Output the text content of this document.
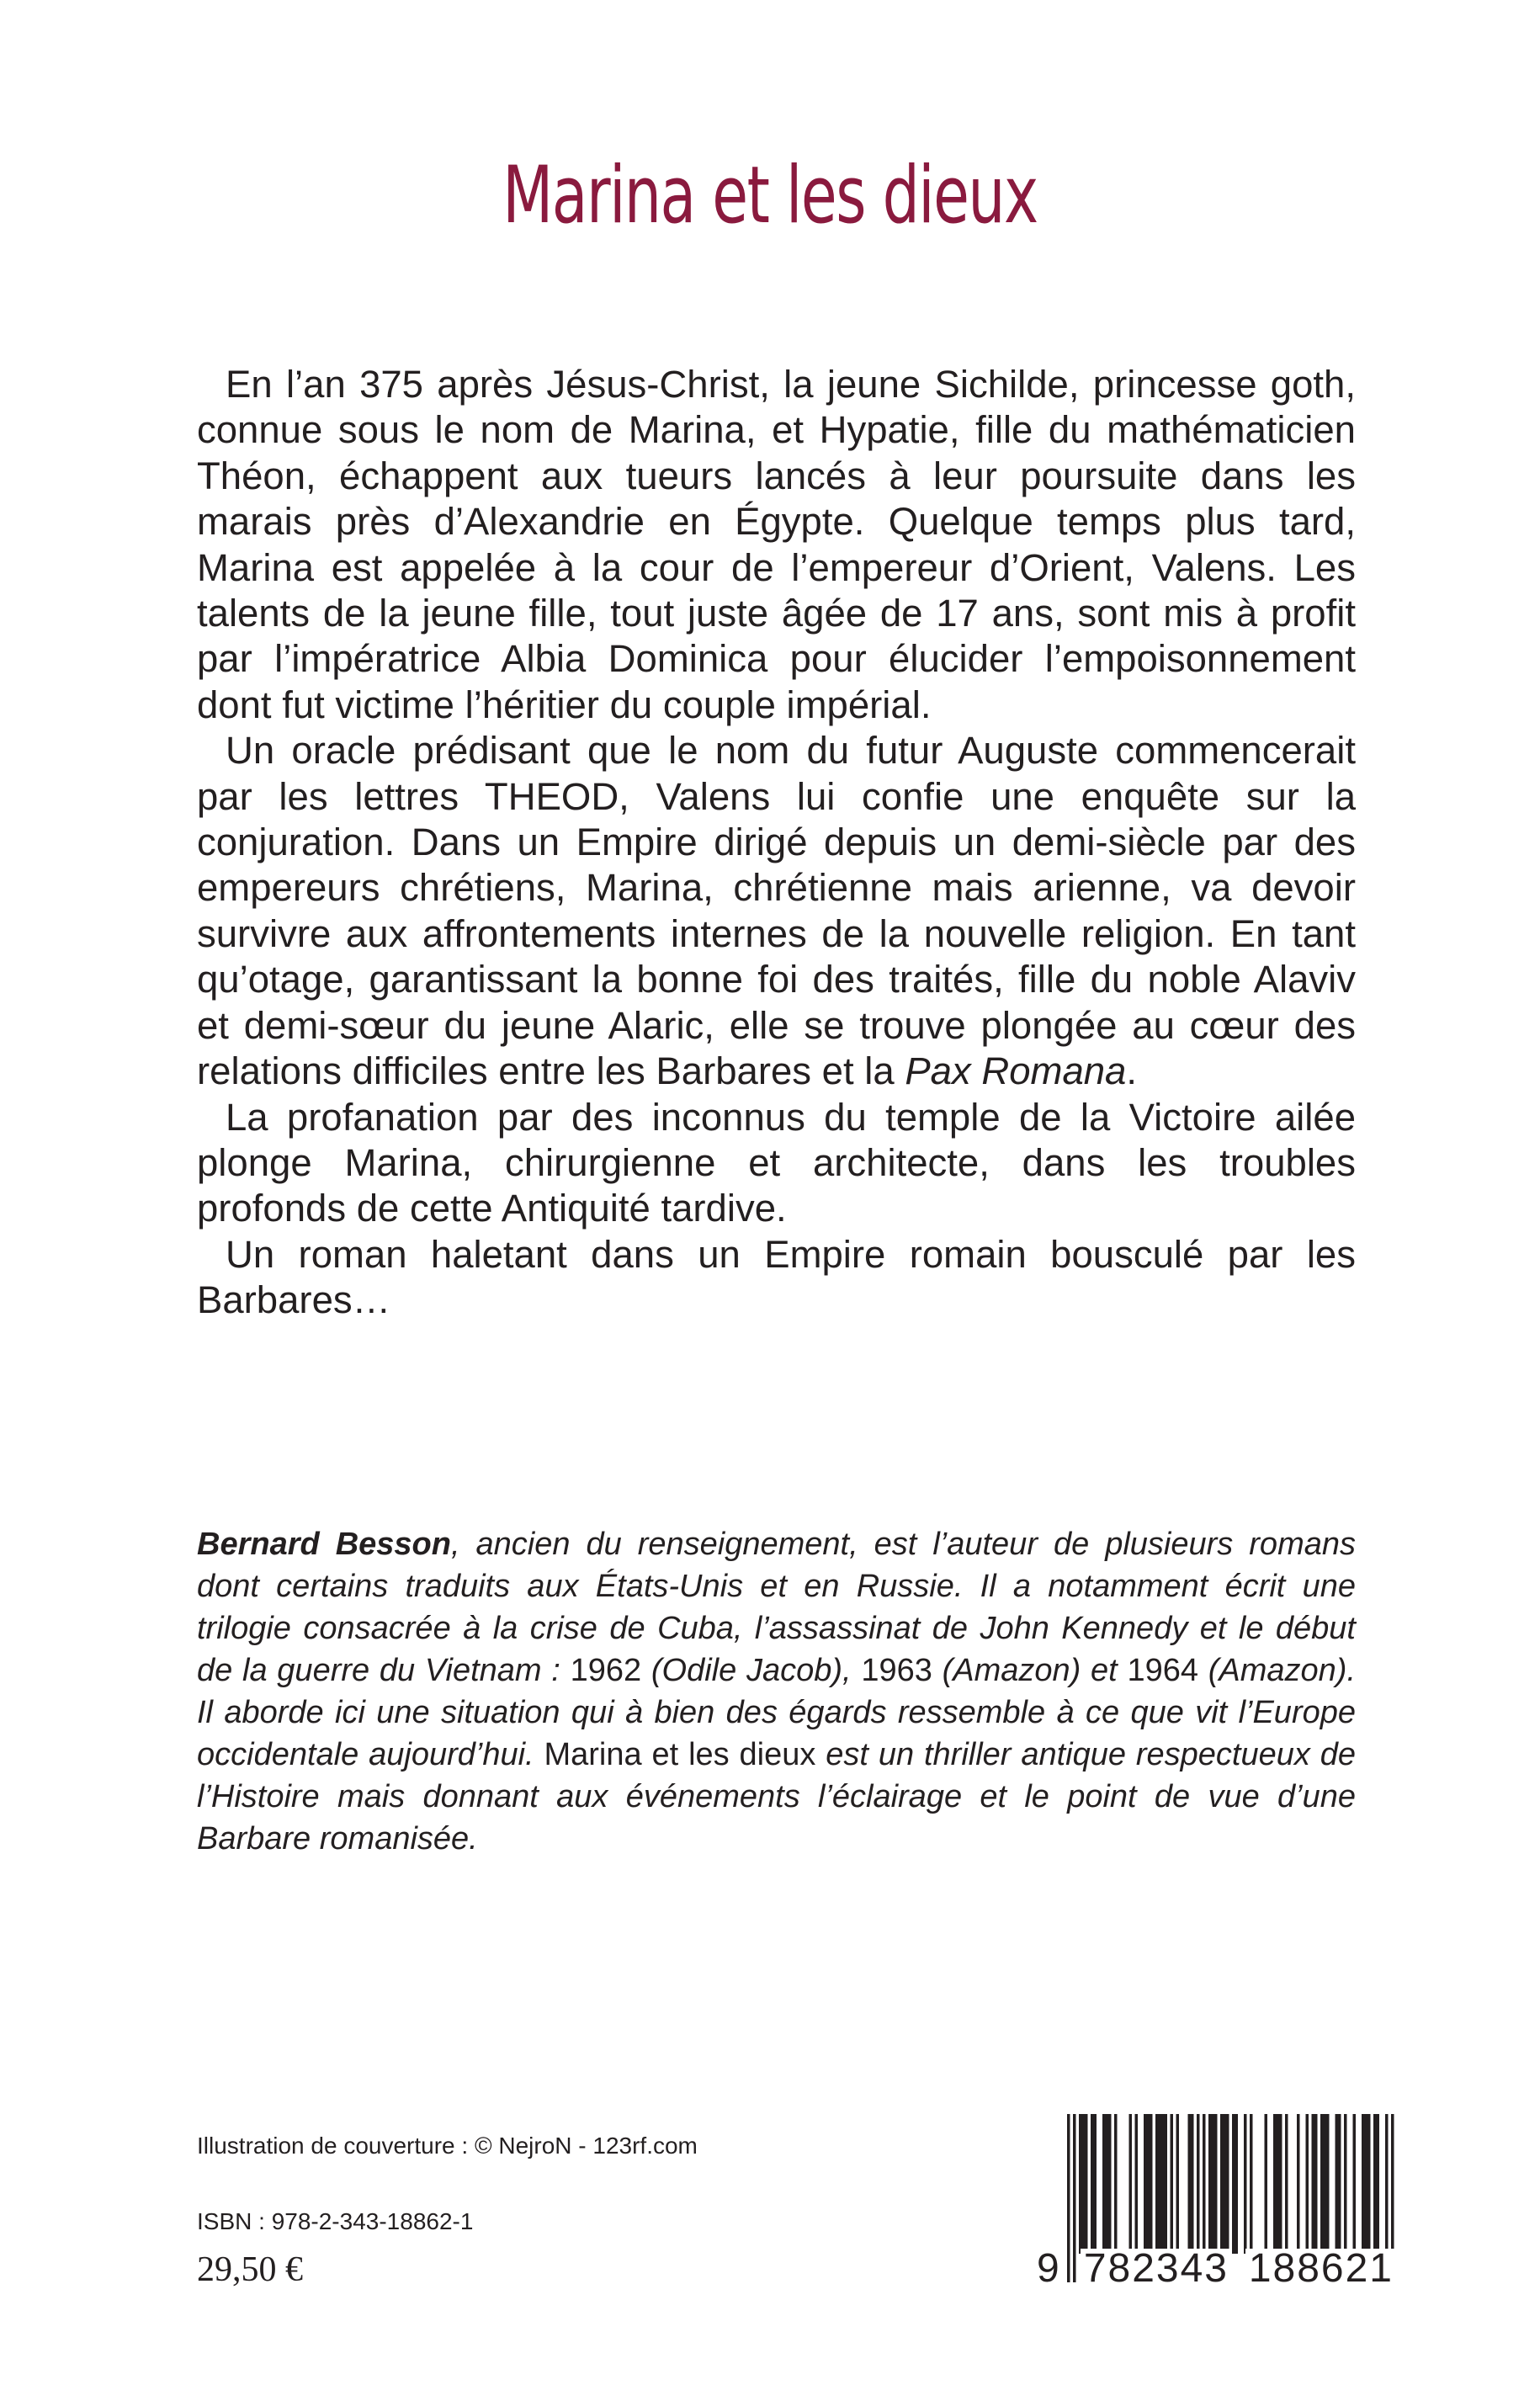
Marina et les dieux

En l’an 375 après Jésus-Christ, la jeune Sichilde, princesse goth, connue sous le nom de Marina, et Hypatie, fille du mathématicien Théon, échappent aux tueurs lancés à leur poursuite dans les marais près d’Alexandrie en Égypte. Quelque temps plus tard, Marina est appelée à la cour de l’empereur d’Orient, Valens. Les talents de la jeune fille, tout juste âgée de 17 ans, sont mis à profit par l’impératrice Albia Dominica pour élucider l’empoisonnement dont fut victime l’héritier du couple impérial.

Un oracle prédisant que le nom du futur Auguste commencerait par les lettres THEOD, Valens lui confie une enquête sur la conjuration. Dans un Empire dirigé depuis un demi-siècle par des empereurs chrétiens, Marina, chrétienne mais arienne, va devoir survivre aux affrontements internes de la nouvelle religion. En tant qu’otage, garantissant la bonne foi des traités, fille du noble Alaviv et demi-sœur du jeune Alaric, elle se trouve plongée au cœur des relations difficiles entre les Barbares et la Pax Romana.

La profanation par des inconnus du temple de la Victoire ailée plonge Marina, chirurgienne et architecte, dans les troubles profonds de cette Antiquité tardive.

Un roman haletant dans un Empire romain bousculé par les Barbares…

Bernard Besson, ancien du renseignement, est l’auteur de plusieurs romans dont certains traduits aux États-Unis et en Russie. Il a notamment écrit une trilogie consacrée à la crise de Cuba, l’assassinat de John Kennedy et le début de la guerre du Vietnam : 1962 (Odile Jacob), 1963 (Amazon) et 1964 (Amazon). Il aborde ici une situation qui à bien des égards ressemble à ce que vit l’Europe occidentale aujourd’hui. Marina et les dieux est un thriller antique respectueux de l’Histoire mais donnant aux événements l’éclairage et le point de vue d’une Barbare romanisée.

Illustration de couverture : © NejroN - 123rf.com
ISBN : 978-2-343-18862-1
29,50 €	9 782343 188621
